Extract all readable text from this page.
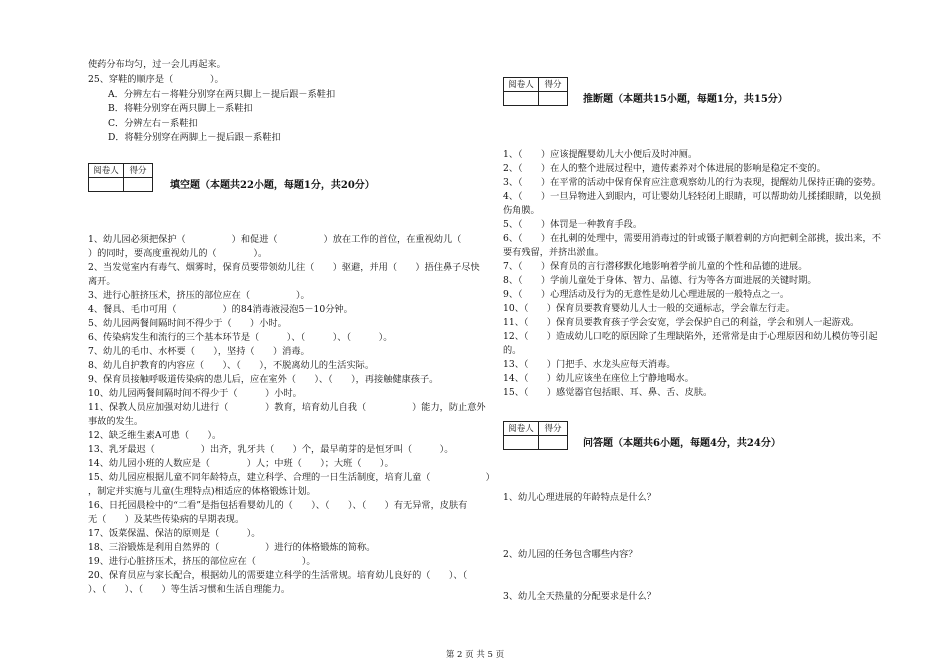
使药分布均匀，过一会儿再起来。
25、穿鞋的顺序是（　　　　）。
A．分辨左右－将鞋分别穿在两只脚上－提后跟－系鞋扣
B．将鞋分别穿在两只脚上－系鞋扣
C．分辨左右－系鞋扣
D．将鞋分别穿在两脚上－提后跟－系鞋扣
阅卷人	得分

填空题（本题共22小题，每题1分，共20分）
1、幼儿园必须把保护（　　　　　）和促进（　　　　　）放在工作的首位，在重视幼儿（
）的同时，要高度重视幼儿的（　　　　）。
2、当发觉室内有毒气、烟雾时，保育员要带领幼儿往（　　）驱避，并用（　　）捂住鼻子尽快
离开。
3、进行心脏挤压术，挤压的部位应在（　　　　　）。
4、餐具、毛巾可用（　　　　　）的84消毒液浸泡5－10分钟。
5、幼儿园两餐间隔时间不得少于（　　）小时。
6、传染病发生和流行的三个基本环节是（　　　）、（　　　）、（　　　）。
7、幼儿的毛巾、水杯要（　　），坚持（　　）消毒。
8、幼儿自护教育的内容应（　　）、（　　），不脱离幼儿的生活实际。
9、保育员接触呼吸道传染病的患儿后，应在室外（　　）、（　　），再接触健康孩子。
10、幼儿园两餐间隔时间不得少于（　　　）小时。
11、保教人员应加强对幼儿进行（　　　　）教育，培育幼儿自我（　　　　　）能力，防止意外
事故的发生。
12、缺乏维生素A可患（　　）。
13、乳牙最迟（　　　　　）出齐，乳牙共（　　）个，最早萌芽的是恒牙叫（　　　）。
14、幼儿园小班的人数应是（　　　　）人；中班（　　）；大班（　　）。
15、幼儿园应根据儿童不同年龄特点，建立科学、合理的一日生活制度，培育儿童（　　　　　　）
，制定并实施与儿童(生理特点)相适应的体格锻炼计划。
16、日托园晨检中的“二看”是指包括看婴幼儿的（　　）、（　　）、（　　）有无异常，皮肤有
无（　　）及某些传染病的早期表现。
17、饭菜保温、保洁的原则是（　　　）。
18、三浴锻炼是利用自然界的（　　　　　）进行的体格锻炼的简称。
19、进行心脏挤压术，挤压的部位应在（　　　　　）。
20、保育员应与家长配合，根据幼儿的需要建立科学的生活常规。培育幼儿良好的（　　）、（　　
）、（　　）、（　　）等生活习惯和生活自理能力。
阅卷人	得分

推断题（本题共15小题，每题1分，共15分）
1、（　　）应该提醒婴幼儿大小便后及时冲厕。
2、（　　）在人的整个进展过程中，遗传素养对个体进展的影响是稳定不变的。
3、（　　）在平常的活动中保育保育应注意观察幼儿的行为表现，提醒幼儿保持正确的姿势。
4、（　　）一旦异物进入到眼内，可让婴幼儿轻轻闭上眼睛，可以帮助幼儿揉揉眼睛，以免损
伤角膜。
5、（　　）体罚是一种教育手段。
6、（　　）在扎刺的处理中，需要用消毒过的针或镊子顺着刺的方向把刺全部挑，拔出来，不
要有残留，并挤出淤血。
7、（　　）保育员的言行潜移默化地影响着学前儿童的个性和品德的进展。
8、（　　）学前儿童处于身体、智力、品德、行为等各方面进展的关键时期。
9、（　　）心理活动及行为的无意性是幼儿心理进展的一般特点之一。
10、（　　）保育员要教育婴幼儿人士一般的交通标志，学会靠左行走。
11、（　　）保育员要教育孩子学会安宽，学会保护自己的利益，学会和别人一起游戏。
12、（　　）造成幼儿口吃的原因除了生理缺陷外，还常常是由于心理原因和幼儿模仿等引起
的。
13、（　　）门把手、水龙头应每天消毒。
14、（　　）幼儿应该坐在座位上宁静地喝水。
15、（　　）感觉器官包括眼、耳、鼻、舌、皮肤。
阅卷人	得分

问答题（本题共6小题，每题4分，共24分）
1、幼儿心理进展的年龄特点是什么？
2、幼儿园的任务包含哪些内容？
3、幼儿全天热量的分配要求是什么？
第 2 页 共 5 页
